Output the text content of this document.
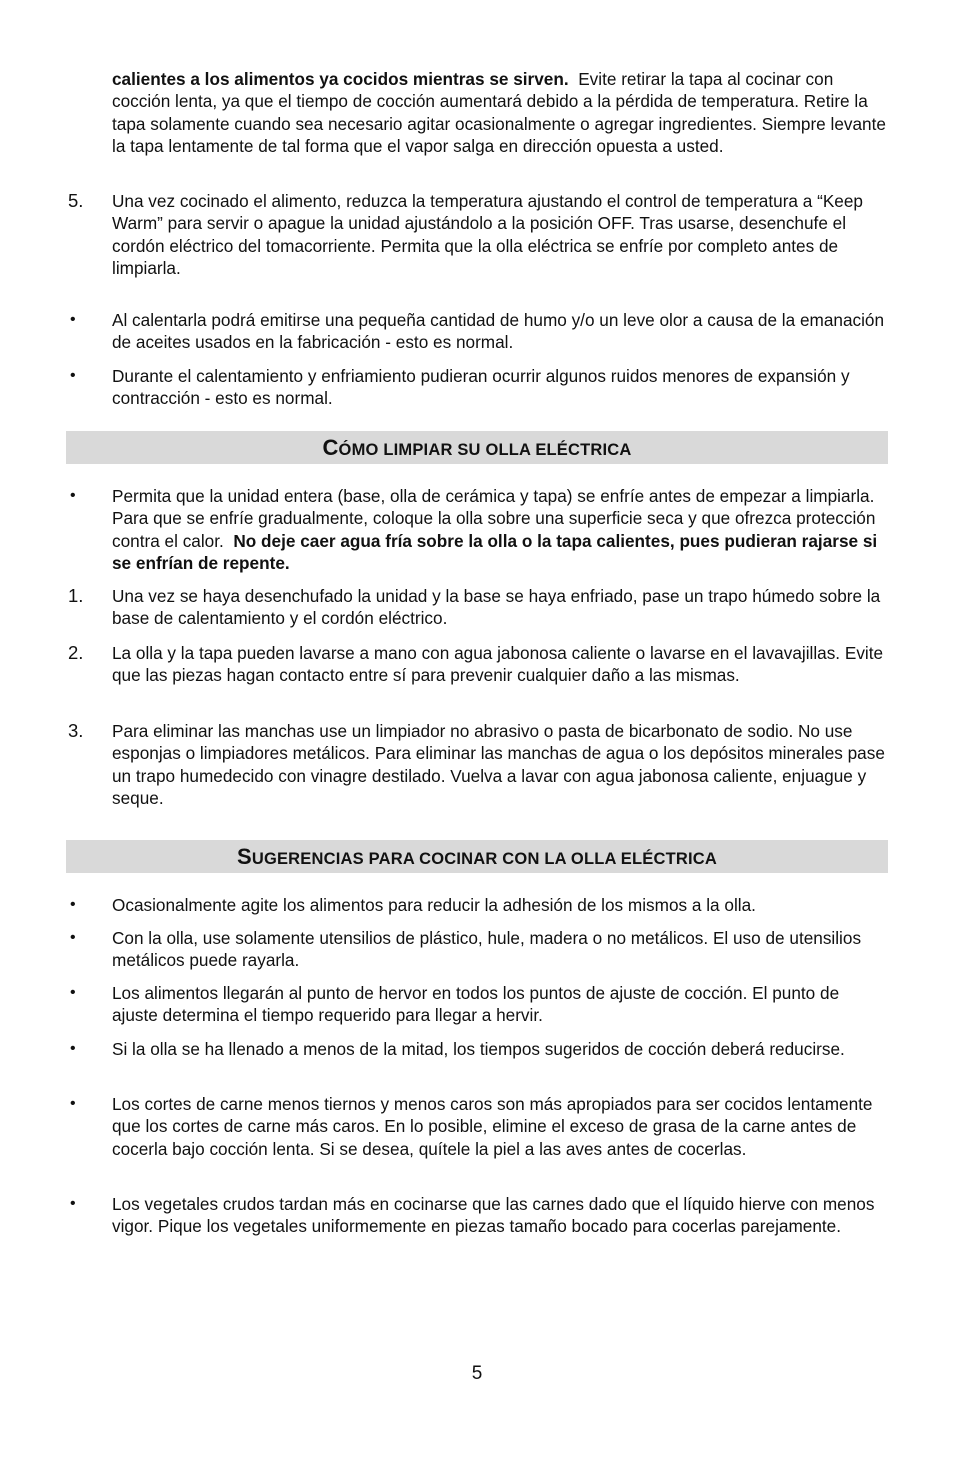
calientes a los alimentos ya cocidos mientras se sirven. Evite retirar la tapa al cocinar con cocción lenta, ya que el tiempo de cocción aumentará debido a la pérdida de temperatura. Retire la tapa solamente cuando sea necesario agitar ocasionalmente o agregar ingredientes. Siempre levante la tapa lentamente de tal forma que el vapor salga en dirección opuesta a usted.
5. Una vez cocinado el alimento, reduzca la temperatura ajustando el control de temperatura a “Keep Warm” para servir o apague la unidad ajustándolo a la posición OFF. Tras usarse, desenchufe el cordón eléctrico del tomacorriente. Permita que la olla eléctrica se enfríe por completo antes de limpiarla.
• Al calentarla podrá emitirse una pequeña cantidad de humo y/o un leve olor a causa de la emanación de aceites usados en la fabricación - esto es normal.
• Durante el calentamiento y enfriamiento pudieran ocurrir algunos ruidos menores de expansión y contracción - esto es normal.
CÓMO LIMPIAR SU OLLA ELÉCTRICA
• Permita que la unidad entera (base, olla de cerámica y tapa) se enfríe antes de empezar a limpiarla. Para que se enfríe gradualmente, coloque la olla sobre una superficie seca y que ofrezca protección contra el calor. No deje caer agua fría sobre la olla o la tapa calientes, pues pudieran rajarse si se enfrían de repente.
1. Una vez se haya desenchufado la unidad y la base se haya enfriado, pase un trapo húmedo sobre la base de calentamiento y el cordón eléctrico.
2. La olla y la tapa pueden lavarse a mano con agua jabonosa caliente o lavarse en el lavavajillas. Evite que las piezas hagan contacto entre sí para prevenir cualquier daño a las mismas.
3. Para eliminar las manchas use un limpiador no abrasivo o pasta de bicarbonato de sodio. No use esponjas o limpiadores metálicos. Para eliminar las manchas de agua o los depósitos minerales pase un trapo humedecido con vinagre destilado. Vuelva a lavar con agua jabonosa caliente, enjuague y seque.
SUGERENCIAS PARA COCINAR CON LA OLLA ELÉCTRICA
• Ocasionalmente agite los alimentos para reducir la adhesión de los mismos a la olla.
• Con la olla, use solamente utensilios de plástico, hule, madera o no metálicos. El uso de utensilios metálicos puede rayarla.
• Los alimentos llegarán al punto de hervor en todos los puntos de ajuste de cocción. El punto de ajuste determina el tiempo requerido para llegar a hervir.
• Si la olla se ha llenado a menos de la mitad, los tiempos sugeridos de cocción deberá reducirse.
• Los cortes de carne menos tiernos y menos caros son más apropiados para ser cocidos lentamente que los cortes de carne más caros. En lo posible, elimine el exceso de grasa de la carne antes de cocerla bajo cocción lenta. Si se desea, quítele la piel a las aves antes de cocerlas.
• Los vegetales crudos tardan más en cocinarse que las carnes dado que el líquido hierve con menos vigor. Pique los vegetales uniformemente en piezas tamaño bocado para cocerlas parejamente.
5
